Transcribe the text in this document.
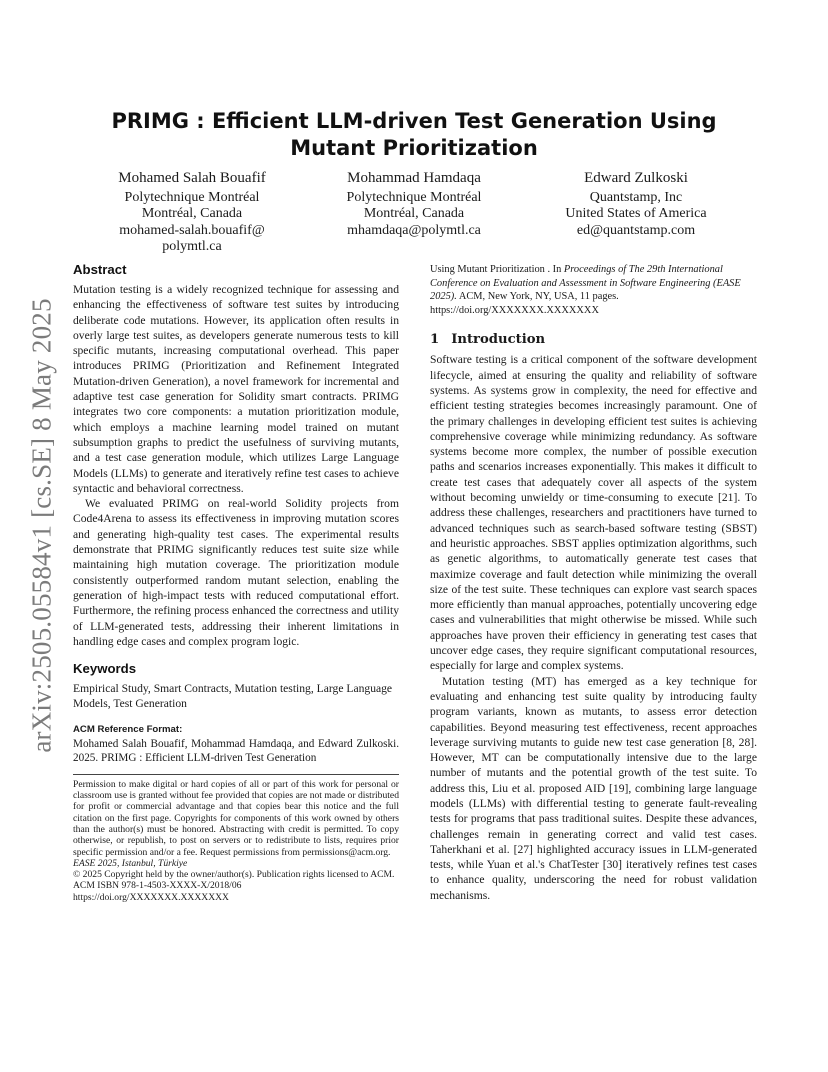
arXiv:2505.05584v1 [cs.SE] 8 May 2025
PRIMG : Efficient LLM-driven Test Generation Using Mutant Prioritization
Mohamed Salah Bouafif
Polytechnique Montréal
Montréal, Canada
mohamed-salah.bouafif@polymtl.ca
Mohammad Hamdaqa
Polytechnique Montréal
Montréal, Canada
mhamdaqa@polymtl.ca
Edward Zulkoski
Quantstamp, Inc
United States of America
ed@quantstamp.com
Abstract

Mutation testing is a widely recognized technique for assessing and enhancing the effectiveness of software test suites by introducing deliberate code mutations. However, its application often results in overly large test suites, as developers generate numerous tests to kill specific mutants, increasing computational overhead. This paper introduces PRIMG (Prioritization and Refinement Integrated Mutation-driven Generation), a novel framework for incremental and adaptive test case generation for Solidity smart contracts. PRIMG integrates two core components: a mutation prioritization module, which employs a machine learning model trained on mutant subsumption graphs to predict the usefulness of surviving mutants, and a test case generation module, which utilizes Large Language Models (LLMs) to generate and iteratively refine test cases to achieve syntactic and behavioral correctness.

We evaluated PRIMG on real-world Solidity projects from Code4Arena to assess its effectiveness in improving mutation scores and generating high-quality test cases. The experimental results demonstrate that PRIMG significantly reduces test suite size while maintaining high mutation coverage. The prioritization module consistently outperformed random mutant selection, enabling the generation of high-impact tests with reduced computational effort. Furthermore, the refining process enhanced the correctness and utility of LLM-generated tests, addressing their inherent limitations in handling edge cases and complex program logic.

Keywords

Empirical Study, Smart Contracts, Mutation testing, Large Language Models, Test Generation

ACM Reference Format:

Mohamed Salah Bouafif, Mohammad Hamdaqa, and Edward Zulkoski. 2025. PRIMG : Efficient LLM-driven Test Generation

Permission to make digital or hard copies of all or part of this work for personal or classroom use is granted without fee provided that copies are not made or distributed for profit or commercial advantage and that copies bear this notice and the full citation on the first page. Copyrights for components of this work owned by others than the author(s) must be honored. Abstracting with credit is permitted. To copy otherwise, or republish, to post on servers or to redistribute to lists, requires prior specific permission and/or a fee. Request permissions from permissions@acm.org.

EASE 2025, Istanbul, Türkiye

© 2025 Copyright held by the owner/author(s). Publication rights licensed to ACM.

ACM ISBN 978-1-4503-XXXX-X/2018/06

https://doi.org/XXXXXXX.XXXXXXX

Using Mutant Prioritization . In Proceedings of The 29th International Conference on Evaluation and Assessment in Software Engineering (EASE 2025). ACM, New York, NY, USA, 11 pages. https://doi.org/XXXXXXX.XXXXXXX

1 Introduction

Software testing is a critical component of the software development lifecycle, aimed at ensuring the quality and reliability of software systems. As systems grow in complexity, the need for effective and efficient testing strategies becomes increasingly paramount. One of the primary challenges in developing efficient test suites is achieving comprehensive coverage while minimizing redundancy. As software systems become more complex, the number of possible execution paths and scenarios increases exponentially. This makes it difficult to create test cases that adequately cover all aspects of the system without becoming unwieldy or time-consuming to execute [21]. To address these challenges, researchers and practitioners have turned to advanced techniques such as search-based software testing (SBST) and heuristic approaches. SBST applies optimization algorithms, such as genetic algorithms, to automatically generate test cases that maximize coverage and fault detection while minimizing the overall size of the test suite. These techniques can explore vast search spaces more efficiently than manual approaches, potentially uncovering edge cases and vulnerabilities that might otherwise be missed. While such approaches have proven their efficiency in generating test cases that uncover edge cases, they require significant computational resources, especially for large and complex systems.

Mutation testing (MT) has emerged as a key technique for evaluating and enhancing test suite quality by introducing faulty program variants, known as mutants, to assess error detection capabilities. Beyond measuring test effectiveness, recent approaches leverage surviving mutants to guide new test case generation [8, 28]. However, MT can be computationally intensive due to the large number of mutants and the potential growth of the test suite. To address this, Liu et al. proposed AID [19], combining large language models (LLMs) with differential testing to generate fault-revealing tests for programs that pass traditional suites. Despite these advances, challenges remain in generating correct and valid test cases. Taherkhani et al. [27] highlighted accuracy issues in LLM-generated tests, while Yuan et al.'s ChatTester [30] iteratively refines test cases to enhance quality, underscoring the need for robust validation mechanisms.
